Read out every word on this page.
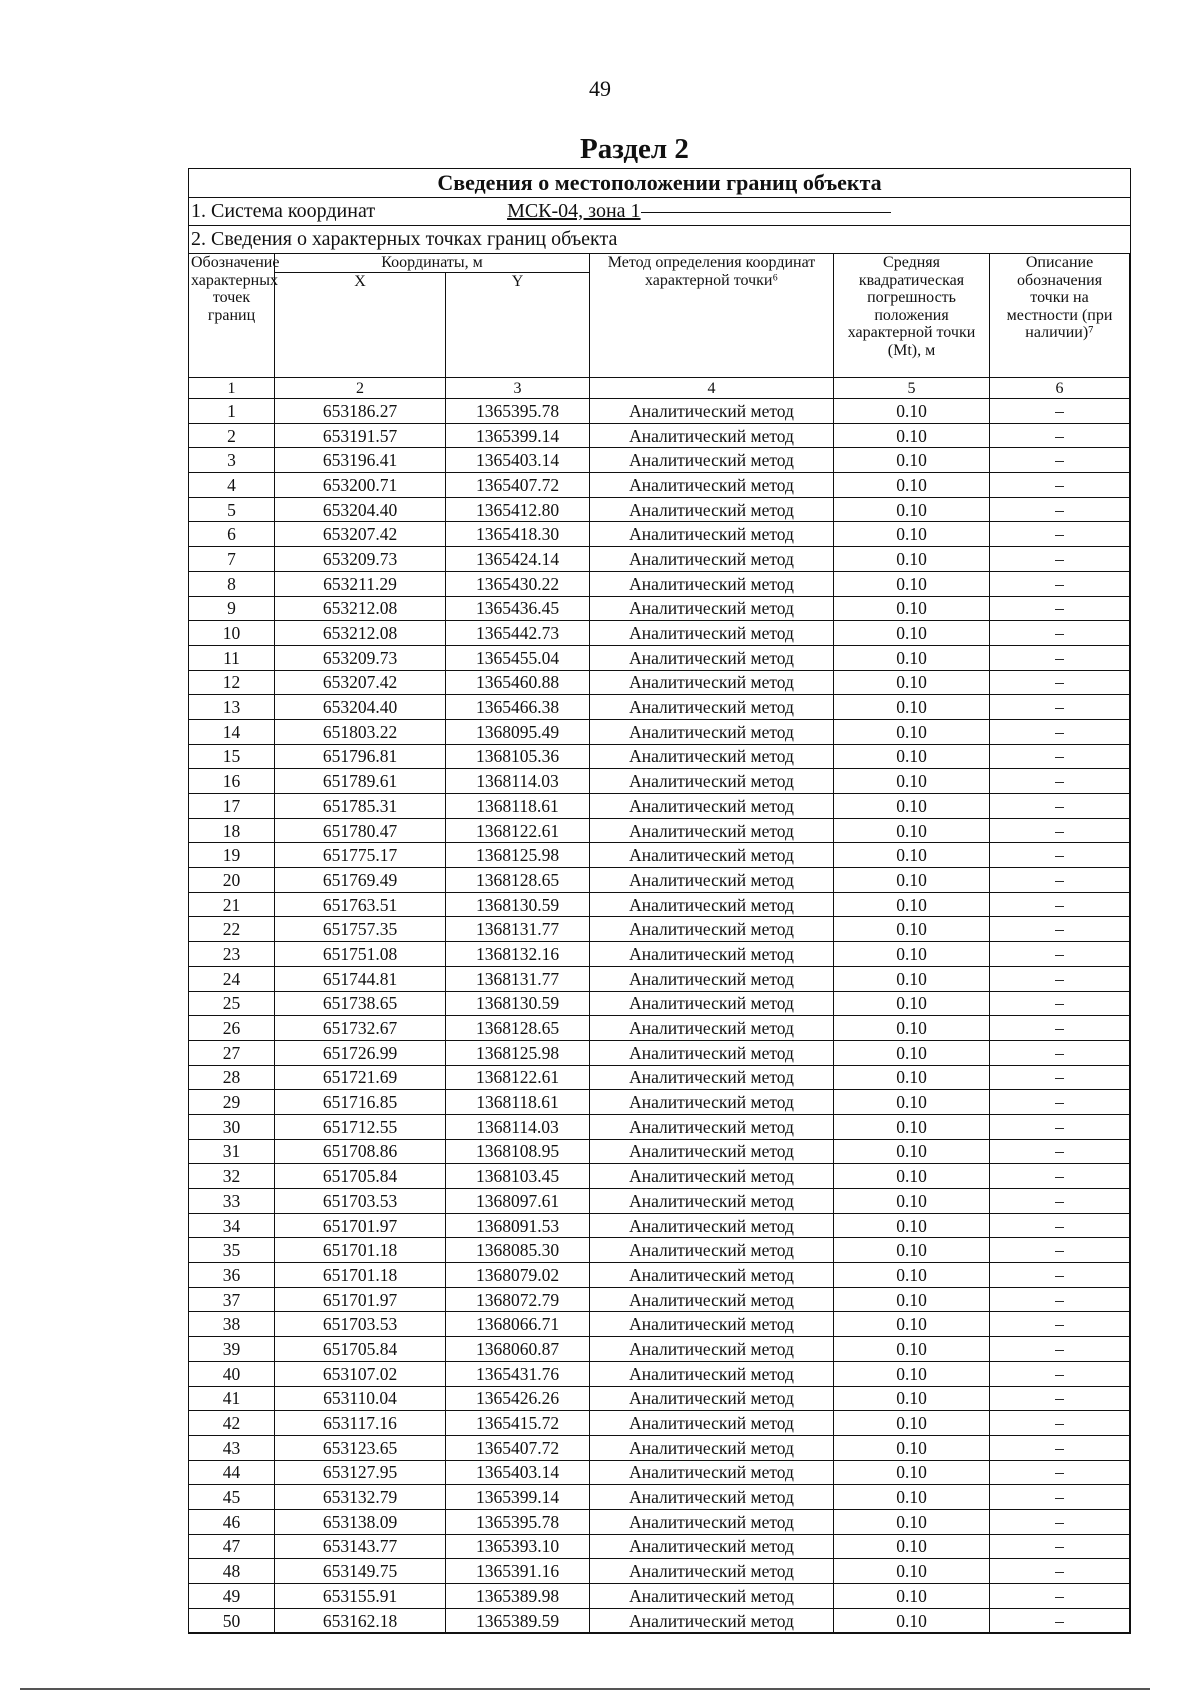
49
Раздел 2
Сведения о местоположении границ объекта
1. Система координат	МСК-04, зона 1
2. Сведения о характерных точках границ объекта
Обозначение характерных точек границ	Координаты, м		Метод определения координат характерной точки⁶	Средняя квадратическая погрешность положения характерной точки (Mt), м	Описание обозначения точки на местности (при наличии)⁷
	X	Y			
1	2	3	4	5	6
1	653186.27	1365395.78	Аналитический метод	0.10	–
2	653191.57	1365399.14	Аналитический метод	0.10	–
3	653196.41	1365403.14	Аналитический метод	0.10	–
4	653200.71	1365407.72	Аналитический метод	0.10	–
5	653204.40	1365412.80	Аналитический метод	0.10	–
6	653207.42	1365418.30	Аналитический метод	0.10	–
7	653209.73	1365424.14	Аналитический метод	0.10	–
8	653211.29	1365430.22	Аналитический метод	0.10	–
9	653212.08	1365436.45	Аналитический метод	0.10	–
10	653212.08	1365442.73	Аналитический метод	0.10	–
11	653209.73	1365455.04	Аналитический метод	0.10	–
12	653207.42	1365460.88	Аналитический метод	0.10	–
13	653204.40	1365466.38	Аналитический метод	0.10	–
14	651803.22	1368095.49	Аналитический метод	0.10	–
15	651796.81	1368105.36	Аналитический метод	0.10	–
16	651789.61	1368114.03	Аналитический метод	0.10	–
17	651785.31	1368118.61	Аналитический метод	0.10	–
18	651780.47	1368122.61	Аналитический метод	0.10	–
19	651775.17	1368125.98	Аналитический метод	0.10	–
20	651769.49	1368128.65	Аналитический метод	0.10	–
21	651763.51	1368130.59	Аналитический метод	0.10	–
22	651757.35	1368131.77	Аналитический метод	0.10	–
23	651751.08	1368132.16	Аналитический метод	0.10	–
24	651744.81	1368131.77	Аналитический метод	0.10	–
25	651738.65	1368130.59	Аналитический метод	0.10	–
26	651732.67	1368128.65	Аналитический метод	0.10	–
27	651726.99	1368125.98	Аналитический метод	0.10	–
28	651721.69	1368122.61	Аналитический метод	0.10	–
29	651716.85	1368118.61	Аналитический метод	0.10	–
30	651712.55	1368114.03	Аналитический метод	0.10	–
31	651708.86	1368108.95	Аналитический метод	0.10	–
32	651705.84	1368103.45	Аналитический метод	0.10	–
33	651703.53	1368097.61	Аналитический метод	0.10	–
34	651701.97	1368091.53	Аналитический метод	0.10	–
35	651701.18	1368085.30	Аналитический метод	0.10	–
36	651701.18	1368079.02	Аналитический метод	0.10	–
37	651701.97	1368072.79	Аналитический метод	0.10	–
38	651703.53	1368066.71	Аналитический метод	0.10	–
39	651705.84	1368060.87	Аналитический метод	0.10	–
40	653107.02	1365431.76	Аналитический метод	0.10	–
41	653110.04	1365426.26	Аналитический метод	0.10	–
42	653117.16	1365415.72	Аналитический метод	0.10	–
43	653123.65	1365407.72	Аналитический метод	0.10	–
44	653127.95	1365403.14	Аналитический метод	0.10	–
45	653132.79	1365399.14	Аналитический метод	0.10	–
46	653138.09	1365395.78	Аналитический метод	0.10	–
47	653143.77	1365393.10	Аналитический метод	0.10	–
48	653149.75	1365391.16	Аналитический метод	0.10	–
49	653155.91	1365389.98	Аналитический метод	0.10	–
50	653162.18	1365389.59	Аналитический метод	0.10	–
